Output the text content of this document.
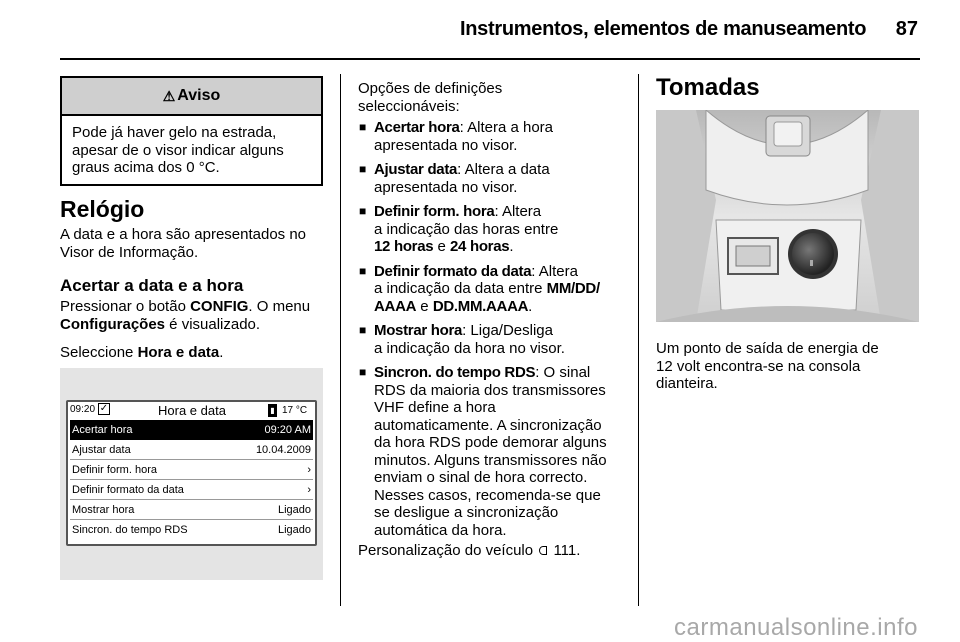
Instrumentos, elementos de manuseamento 87
⚠ Aviso
Pode já haver gelo na estrada,
apesar de o visor indicar alguns
graus acima dos 0 °C.
Relógio
A data e a hora são apresentados no
Visor de Informação.
Acertar a data e a hora
Pressionar o botão CONFIG. O menu
Configurações é visualizado.
Seleccione Hora e data.
09:20 ✓	Hora e data	▮ 17 °C
Acertar hora	09:20 AM
Ajustar data	10.04.2009
Definir form. hora	›
Definir formato da data	›
Mostrar hora	Ligado
Sincron. do tempo RDS	Ligado
Opções de definições
seleccionáveis:
■ Acertar hora: Altera a hora
apresentada no visor.
■ Ajustar data: Altera a data
apresentada no visor.
■ Definir form. hora: Altera
a indicação das horas entre
12 horas e 24 horas.
■ Definir formato da data: Altera
a indicação da data entre MM/DD/
AAAA e DD.MM.AAAA.
■ Mostrar hora: Liga/Desliga
a indicação da hora no visor.
■ Sincron. do tempo RDS: O sinal
RDS da maioria dos transmissores
VHF define a hora
automaticamente. A sincronização
da hora RDS pode demorar alguns
minutos. Alguns transmissores não
enviam o sinal de hora correcto.
Nesses casos, recomenda-se que
se desligue a sincronização
automática da hora.
Personalização do veículo 111.
Tomadas
Um ponto de saída de energia de
12 volt encontra-se na consola
dianteira.
carmanualsonline.info
